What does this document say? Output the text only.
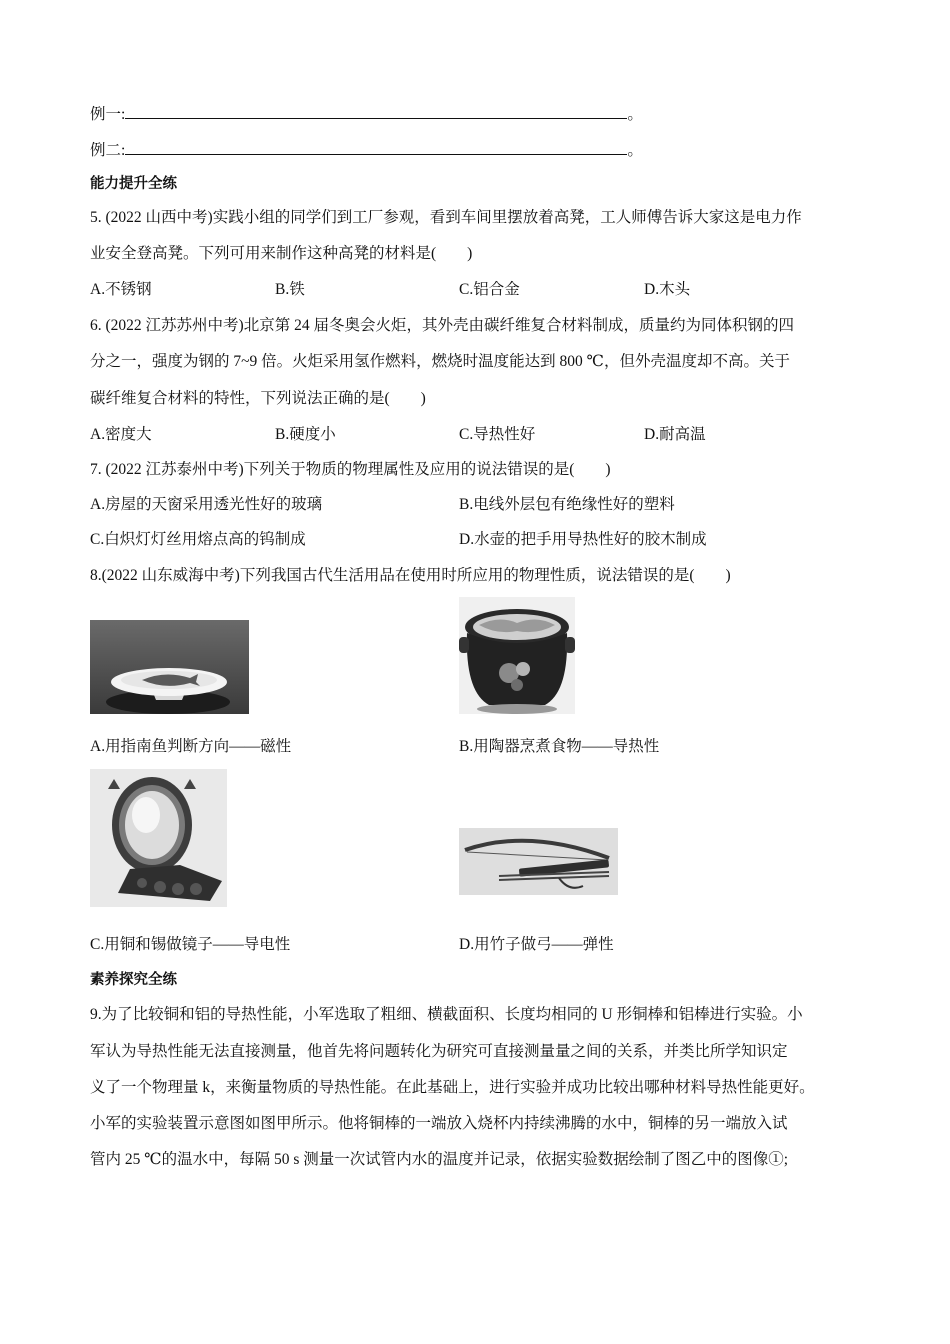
例一:	。
例二:	。
能力提升全练
5. (2022 山西中考)实践小组的同学们到工厂参观，看到车间里摆放着高凳，工人师傅告诉大家这是电力作
业安全登高凳。下列可用来制作这种高凳的材料是(　　)
A.不锈钢	B.铁	C.铝合金	D.木头
6. (2022 江苏苏州中考)北京第 24 届冬奥会火炬，其外壳由碳纤维复合材料制成，质量约为同体积钢的四
分之一，强度为钢的 7~9 倍。火炬采用氢作燃料，燃烧时温度能达到 800 ℃，但外壳温度却不高。关于
碳纤维复合材料的特性，下列说法正确的是(　　)
A.密度大	B.硬度小	C.导热性好	D.耐高温
7. (2022 江苏泰州中考)下列关于物质的物理属性及应用的说法错误的是(　　)
A.房屋的天窗采用透光性好的玻璃	B.电线外层包有绝缘性好的塑料
C.白炽灯灯丝用熔点高的钨制成	D.水壶的把手用导热性好的胶木制成
8.(2022 山东威海中考)下列我国古代生活用品在使用时所应用的物理性质，说法错误的是(　　)
A.用指南鱼判断方向——磁性	B.用陶器烹煮食物——导热性
C.用铜和锡做镜子——导电性	D.用竹子做弓——弹性
素养探究全练
9.为了比较铜和铝的导热性能，小军选取了粗细、横截面积、长度均相同的 U 形铜棒和铝棒进行实验。小
军认为导热性能无法直接测量，他首先将问题转化为研究可直接测量量之间的关系，并类比所学知识定
义了一个物理量 k，来衡量物质的导热性能。在此基础上，进行实验并成功比较出哪种材料导热性能更好。
小军的实验装置示意图如图甲所示。他将铜棒的一端放入烧杯内持续沸腾的水中，铜棒的另一端放入试
管内 25 ℃的温水中，每隔 50 s 测量一次试管内水的温度并记录，依据实验数据绘制了图乙中的图像①;
